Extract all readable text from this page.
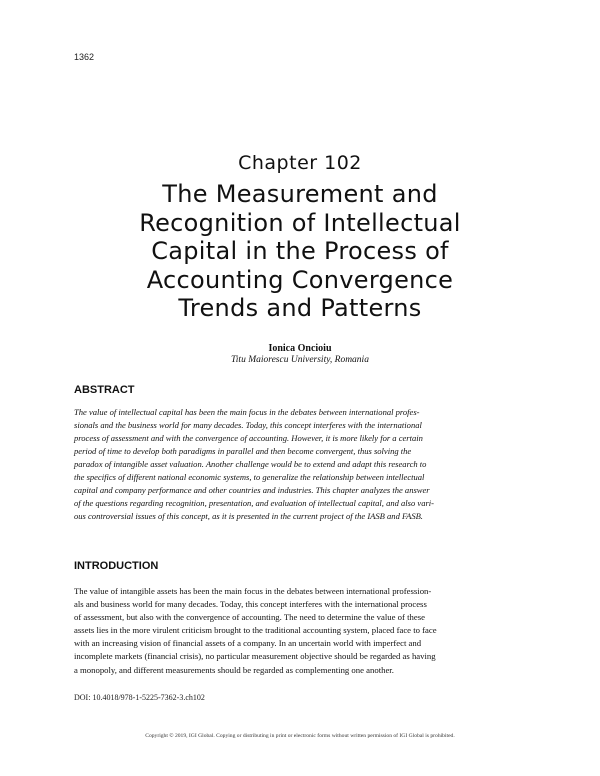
1362
Chapter 102
The Measurement and
Recognition of Intellectual
Capital in the Process of
Accounting Convergence
Trends and Patterns
Ionica Oncioiu
Titu Maiorescu University, Romania
ABSTRACT
The value of intellectual capital has been the main focus in the debates between international profes-
sionals and the business world for many decades. Today, this concept interferes with the international
process of assessment and with the convergence of accounting. However, it is more likely for a certain
period of time to develop both paradigms in parallel and then become convergent, thus solving the
paradox of intangible asset valuation. Another challenge would be to extend and adapt this research to
the specifics of different national economic systems, to generalize the relationship between intellectual
capital and company performance and other countries and industries. This chapter analyzes the answer
of the questions regarding recognition, presentation, and evaluation of intellectual capital, and also vari-
ous controversial issues of this concept, as it is presented in the current project of the IASB and FASB.
INTRODUCTION
The value of intangible assets has been the main focus in the debates between international profession-
als and business world for many decades. Today, this concept interferes with the international process
of assessment, but also with the convergence of accounting. The need to determine the value of these
assets lies in the more virulent criticism brought to the traditional accounting system, placed face to face
with an increasing vision of financial assets of a company. In an uncertain world with imperfect and
incomplete markets (financial crisis), no particular measurement objective should be regarded as having
a monopoly, and different measurements should be regarded as complementing one another.
DOI: 10.4018/978-1-5225-7362-3.ch102
Copyright © 2019, IGI Global. Copying or distributing in print or electronic forms without written permission of IGI Global is prohibited.
